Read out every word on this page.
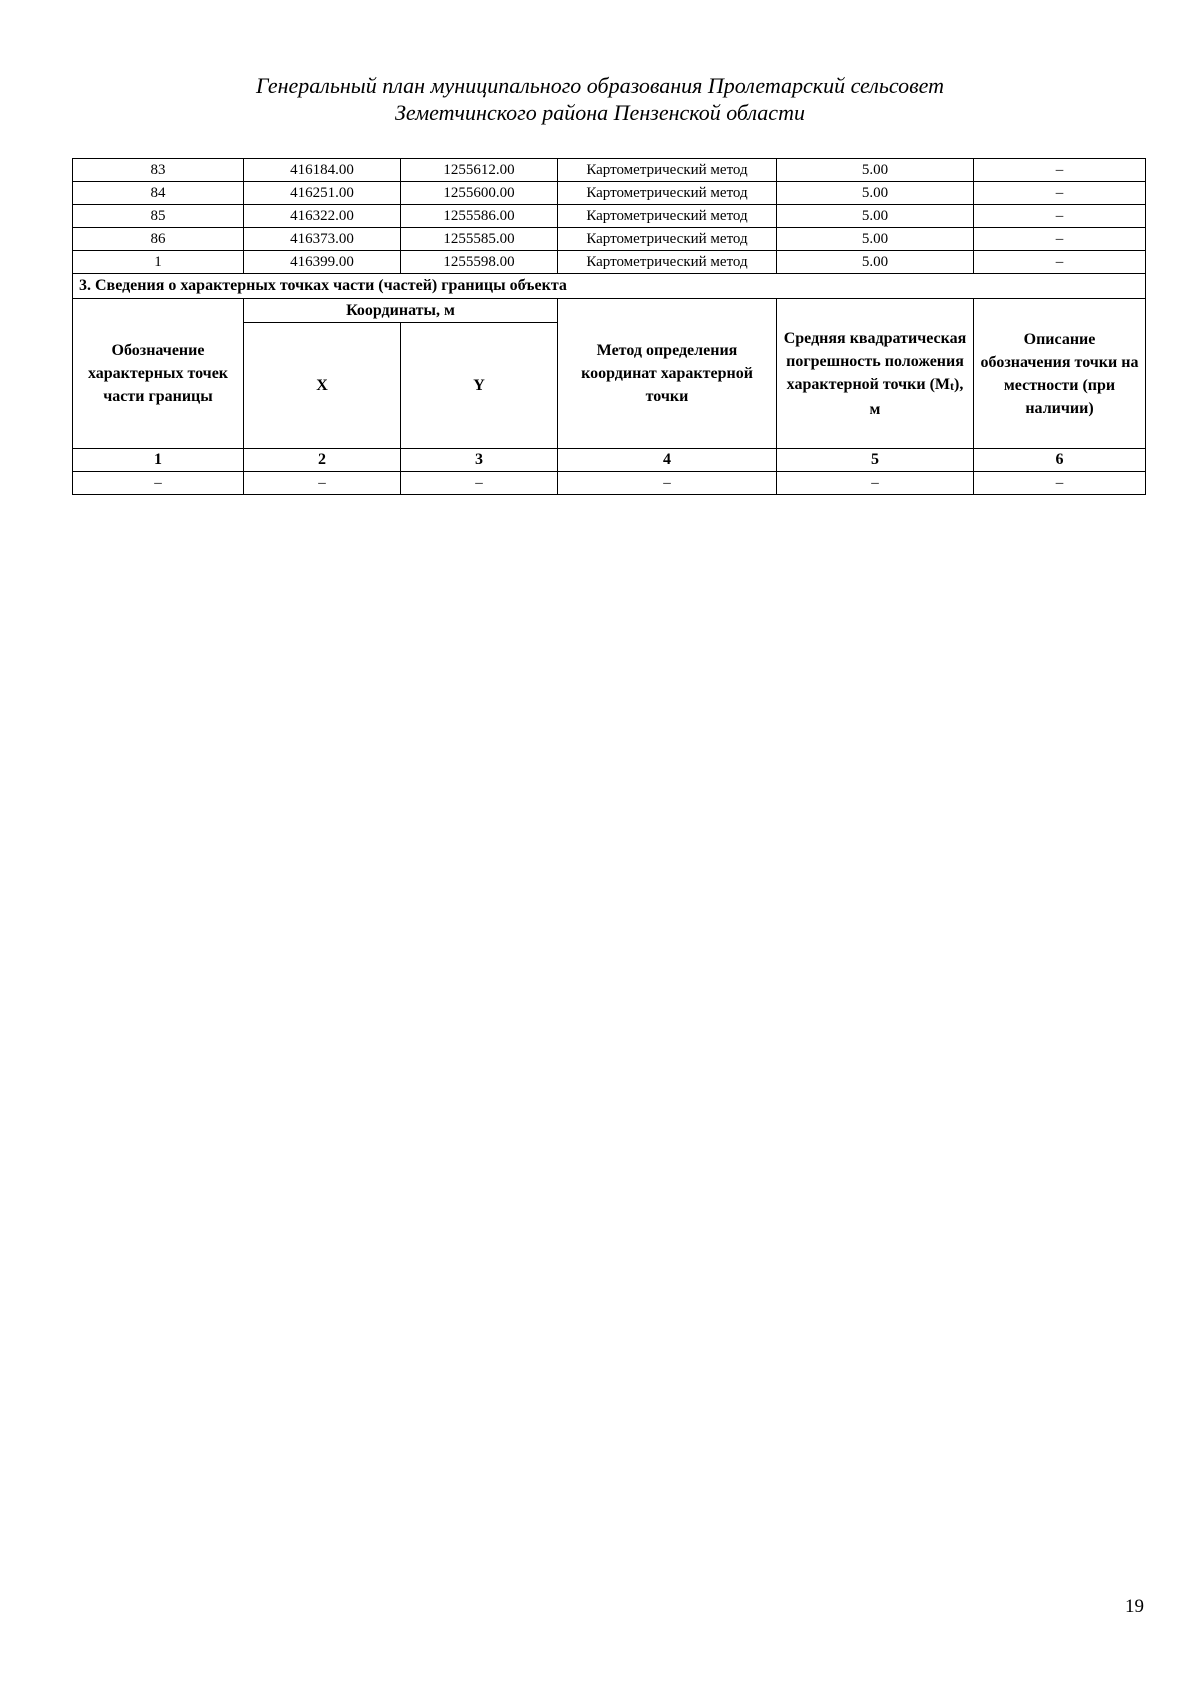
Генеральный план муниципального образования Пролетарский сельсовет
Земетчинского района Пензенской области
83	416184.00	1255612.00	Картометрический метод	5.00	–
84	416251.00	1255600.00	Картометрический метод	5.00	–
85	416322.00	1255586.00	Картометрический метод	5.00	–
86	416373.00	1255585.00	Картометрический метод	5.00	–
1	416399.00	1255598.00	Картометрический метод	5.00	–
3. Сведения о характерных точках части (частей) границы объекта					
Обозначение характерных точек части границы	Координаты, м		Метод определения координат характерной точки	Средняя квадратическая погрешность положения характерной точки $(M_t)$, м	Описание обозначения точки на местности (при наличии)
	X	Y			
1	2	3	4	5	6
–	–	–	–	–	–
19
